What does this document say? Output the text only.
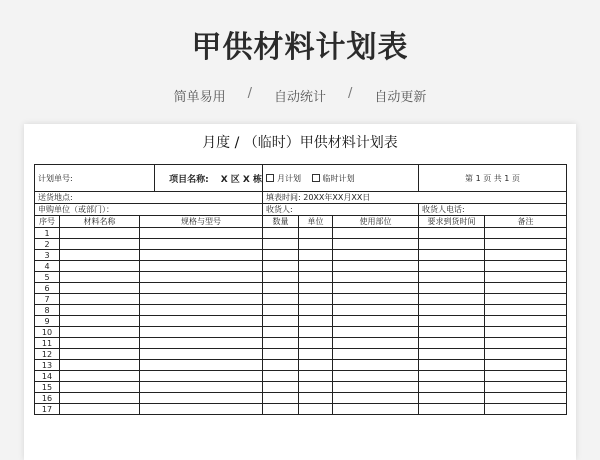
甲供材料计划表
简单易用 / 自动统计 / 自动更新
月度 / （临时）甲供材料计划表
计划单号: 项目名称: X 区 X 栋			月计划 临时计划			第 1 页 共 1 页	
送货地点:			填表时间: 20XX年XX月XX日				
申购单位（或部门）：			收货人:			收货人电话:	
序号	材料名称	规格与型号	数量	单位	使用部位	要求到货时间	备注
1							
2							
3							
4							
5							
6							
7							
8							
9							
10							
11							
12							
13							
14							
15							
16							
17							
